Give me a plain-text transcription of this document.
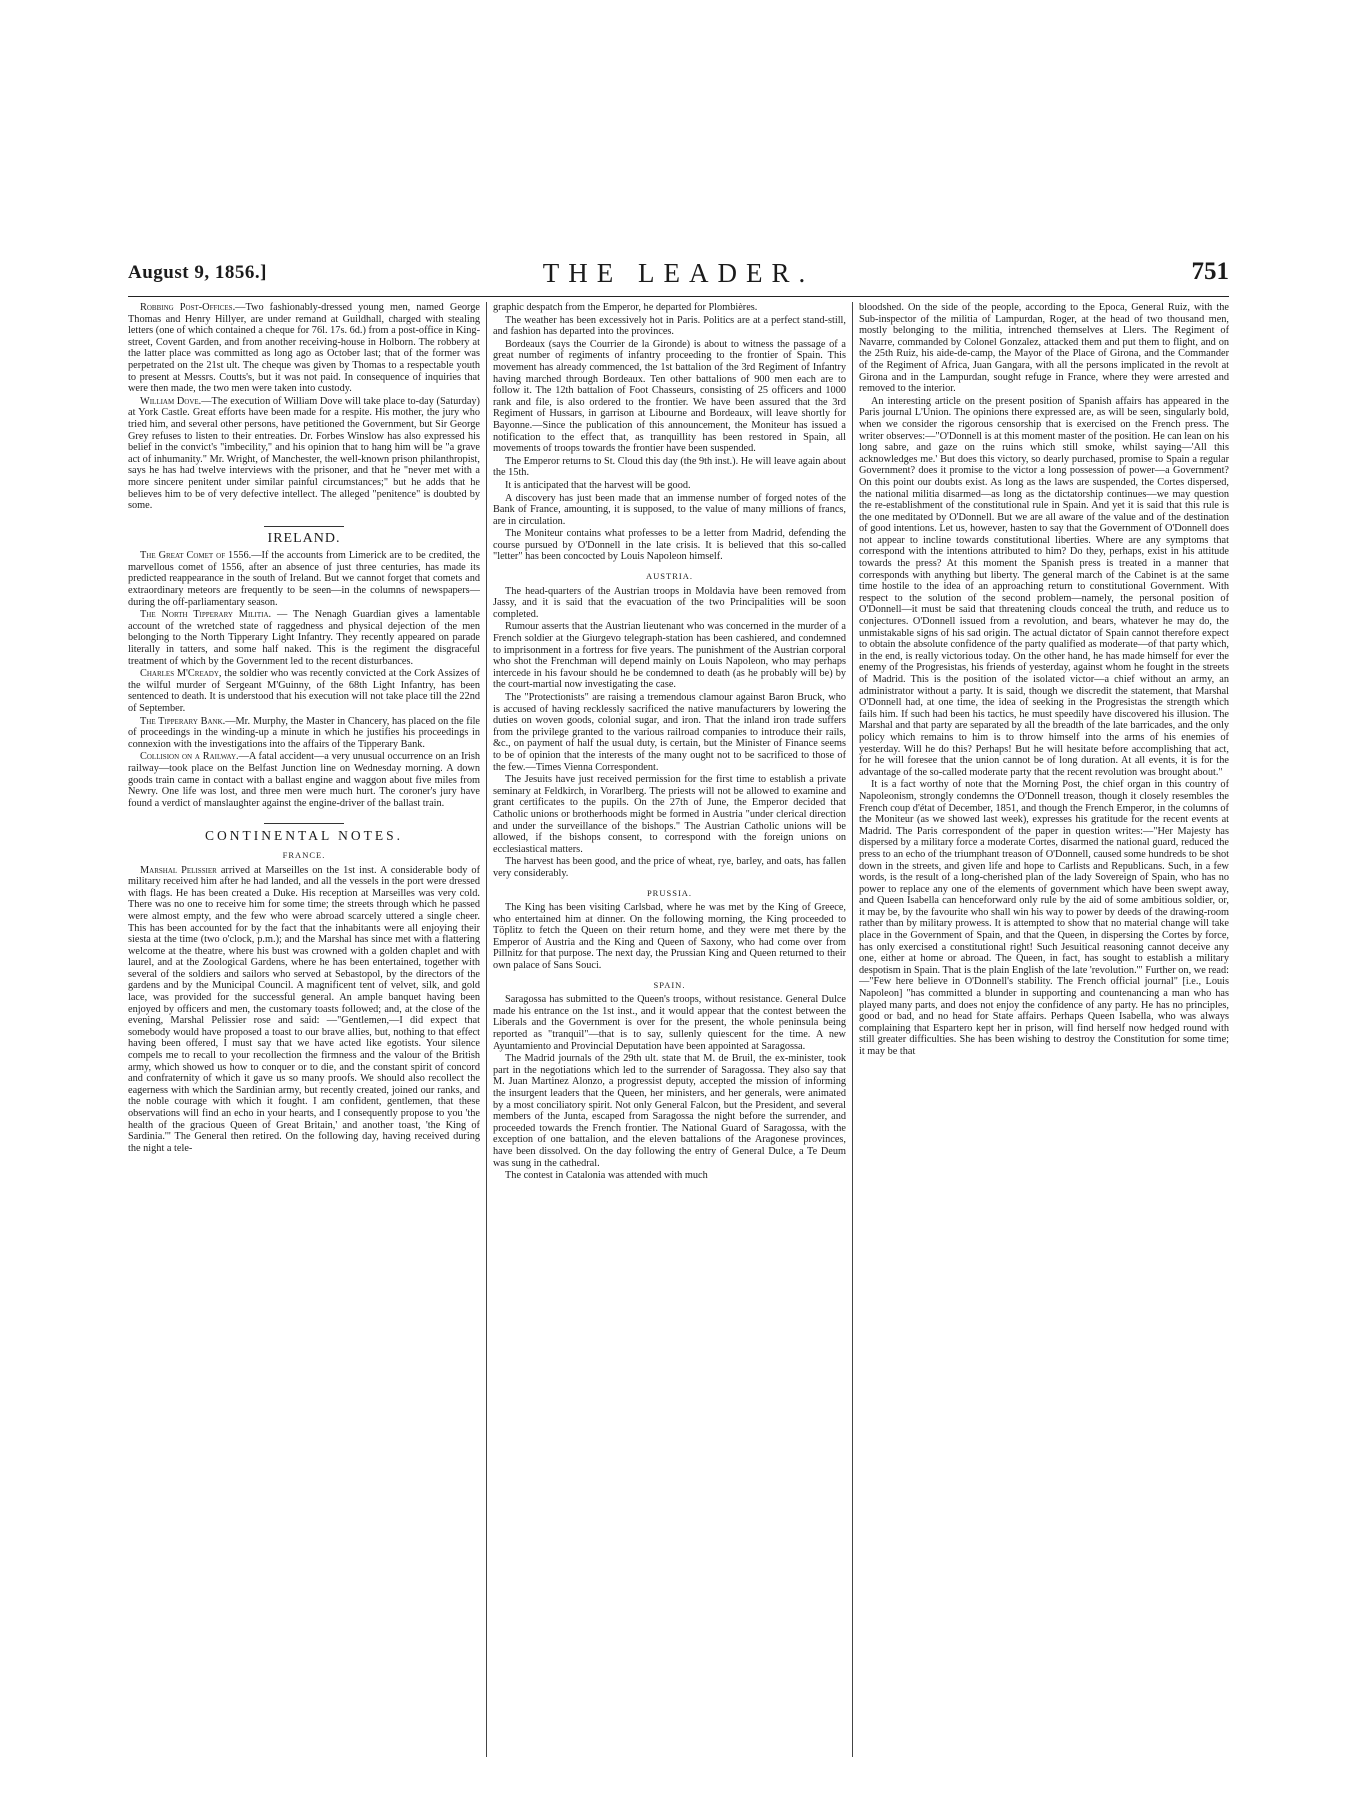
August 9, 1856.]	THE LEADER.	751

Robbing Post-Offices.—Two fashionably-dressed young men, named George Thomas and Henry Hillyer, are under remand at Guildhall, charged with stealing letters (one of which contained a cheque for 76l. 17s. 6d.) from a post-office in King-street, Covent Garden, and from another receiving-house in Holborn. The robbery at the latter place was committed as long ago as October last; that of the former was perpetrated on the 21st ult. The cheque was given by Thomas to a respectable youth to present at Messrs. Coutts's, but it was not paid. In consequence of inquiries that were then made, the two men were taken into custody.

William Dove.—The execution of William Dove will take place to-day (Saturday) at York Castle. Great efforts have been made for a respite. His mother, the jury who tried him, and several other persons, have petitioned the Government, but Sir George Grey refuses to listen to their entreaties. Dr. Forbes Winslow has also expressed his belief in the convict's "imbecility," and his opinion that to hang him will be "a grave act of inhumanity." Mr. Wright, of Manchester, the well-known prison philanthropist, says he has had twelve interviews with the prisoner, and that he "never met with a more sincere penitent under similar painful circumstances;" but he adds that he believes him to be of very defective intellect. The alleged "penitence" is doubted by some.

IRELAND.

The Great Comet of 1556.—If the accounts from Limerick are to be credited, the marvellous comet of 1556, after an absence of just three centuries, has made its predicted reappearance in the south of Ireland. But we cannot forget that comets and extraordinary meteors are frequently to be seen—in the columns of newspapers—during the off-parliamentary season.

The North Tipperary Militia. — The Nenagh Guardian gives a lamentable account of the wretched state of raggedness and physical dejection of the men belonging to the North Tipperary Light Infantry. They recently appeared on parade literally in tatters, and some half naked. This is the regiment the disgraceful treatment of which by the Government led to the recent disturbances.

Charles M'Cready, the soldier who was recently convicted at the Cork Assizes of the wilful murder of Sergeant M'Guinny, of the 68th Light Infantry, has been sentenced to death. It is understood that his execution will not take place till the 22nd of September.

The Tipperary Bank.—Mr. Murphy, the Master in Chancery, has placed on the file of proceedings in the winding-up a minute in which he justifies his proceedings in connexion with the investigations into the affairs of the Tipperary Bank.

Collision on a Railway.—A fatal accident—a very unusual occurrence on an Irish railway—took place on the Belfast Junction line on Wednesday morning. A down goods train came in contact with a ballast engine and waggon about five miles from Newry. One life was lost, and three men were much hurt. The coroner's jury have found a verdict of manslaughter against the engine-driver of the ballast train.

CONTINENTAL NOTES.
FRANCE.

Marshal Pelissier arrived at Marseilles on the 1st inst. A considerable body of military received him after he had landed, and all the vessels in the port were dressed with flags. He has been created a Duke. His reception at Marseilles was very cold. There was no one to receive him for some time; the streets through which he passed were almost empty, and the few who were abroad scarcely uttered a single cheer. This has been accounted for by the fact that the inhabitants were all enjoying their siesta at the time (two o'clock, p.m.); and the Marshal has since met with a flattering welcome at the theatre, where his bust was crowned with a golden chaplet and with laurel, and at the Zoological Gardens, where he has been entertained, together with several of the soldiers and sailors who served at Sebastopol, by the directors of the gardens and by the Municipal Council. A magnificent tent of velvet, silk, and gold lace, was provided for the successful general. An ample banquet having been enjoyed by officers and men, the customary toasts followed; and, at the close of the evening, Marshal Pelissier rose and said: —"Gentlemen,—I did expect that somebody would have proposed a toast to our brave allies, but, nothing to that effect having been offered, I must say that we have acted like egotists. Your silence compels me to recall to your recollection the firmness and the valour of the British army, which showed us how to conquer or to die, and the constant spirit of concord and confraternity of which it gave us so many proofs. We should also recollect the eagerness with which the Sardinian army, but recently created, joined our ranks, and the noble courage with which it fought. I am confident, gentlemen, that these observations will find an echo in your hearts, and I consequently propose to you 'the health of the gracious Queen of Great Britain,' and another toast, 'the King of Sardinia.'" The General then retired. On the following day, having received during the night a tele-

graphic despatch from the Emperor, he departed for Plombières.

The weather has been excessively hot in Paris. Politics are at a perfect stand-still, and fashion has departed into the provinces.

Bordeaux (says the Courrier de la Gironde) is about to witness the passage of a great number of regiments of infantry proceeding to the frontier of Spain. This movement has already commenced, the 1st battalion of the 3rd Regiment of Infantry having marched through Bordeaux. Ten other battalions of 900 men each are to follow it. The 12th battalion of Foot Chasseurs, consisting of 25 officers and 1000 rank and file, is also ordered to the frontier. We have been assured that the 3rd Regiment of Hussars, in garrison at Libourne and Bordeaux, will leave shortly for Bayonne.—Since the publication of this announcement, the Moniteur has issued a notification to the effect that, as tranquillity has been restored in Spain, all movements of troops towards the frontier have been suspended.

The Emperor returns to St. Cloud this day (the 9th inst.). He will leave again about the 15th.

It is anticipated that the harvest will be good.

A discovery has just been made that an immense number of forged notes of the Bank of France, amounting, it is supposed, to the value of many millions of francs, are in circulation.

The Moniteur contains what professes to be a letter from Madrid, defending the course pursued by O'Donnell in the late crisis. It is believed that this so-called "letter" has been concocted by Louis Napoleon himself.

AUSTRIA.

The head-quarters of the Austrian troops in Moldavia have been removed from Jassy, and it is said that the evacuation of the two Principalities will be soon completed.

Rumour asserts that the Austrian lieutenant who was concerned in the murder of a French soldier at the Giurgevo telegraph-station has been cashiered, and condemned to imprisonment in a fortress for five years. The punishment of the Austrian corporal who shot the Frenchman will depend mainly on Louis Napoleon, who may perhaps intercede in his favour should he be condemned to death (as he probably will be) by the court-martial now investigating the case.

The "Protectionists" are raising a tremendous clamour against Baron Bruck, who is accused of having recklessly sacrificed the native manufacturers by lowering the duties on woven goods, colonial sugar, and iron. That the inland iron trade suffers from the privilege granted to the various railroad companies to introduce their rails, &c., on payment of half the usual duty, is certain, but the Minister of Finance seems to be of opinion that the interests of the many ought not to be sacrificed to those of the few.—Times Vienna Correspondent.

The Jesuits have just received permission for the first time to establish a private seminary at Feldkirch, in Vorarlberg. The priests will not be allowed to examine and grant certificates to the pupils. On the 27th of June, the Emperor decided that Catholic unions or brotherhoods might be formed in Austria "under clerical direction and under the surveillance of the bishops." The Austrian Catholic unions will be allowed, if the bishops consent, to correspond with the foreign unions on ecclesiastical matters.

The harvest has been good, and the price of wheat, rye, barley, and oats, has fallen very considerably.

PRUSSIA.

The King has been visiting Carlsbad, where he was met by the King of Greece, who entertained him at dinner. On the following morning, the King proceeded to Töplitz to fetch the Queen on their return home, and they were met there by the Emperor of Austria and the King and Queen of Saxony, who had come over from Pillnitz for that purpose. The next day, the Prussian King and Queen returned to their own palace of Sans Souci.

SPAIN.

Saragossa has submitted to the Queen's troops, without resistance. General Dulce made his entrance on the 1st inst., and it would appear that the contest between the Liberals and the Government is over for the present, the whole peninsula being reported as "tranquil"—that is to say, sullenly quiescent for the time. A new Ayuntamiento and Provincial Deputation have been appointed at Saragossa.

The Madrid journals of the 29th ult. state that M. de Bruil, the ex-minister, took part in the negotiations which led to the surrender of Saragossa. They also say that M. Juan Martinez Alonzo, a progressist deputy, accepted the mission of informing the insurgent leaders that the Queen, her ministers, and her generals, were animated by a most conciliatory spirit. Not only General Falcon, but the President, and several members of the Junta, escaped from Saragossa the night before the surrender, and proceeded towards the French frontier. The National Guard of Saragossa, with the exception of one battalion, and the eleven battalions of the Aragonese provinces, have been dissolved. On the day following the entry of General Dulce, a Te Deum was sung in the cathedral.

The contest in Catalonia was attended with much

bloodshed. On the side of the people, according to the Epoca, General Ruiz, with the Sub-inspector of the militia of Lampurdan, Roger, at the head of two thousand men, mostly belonging to the militia, intrenched themselves at Llers. The Regiment of Navarre, commanded by Colonel Gonzalez, attacked them and put them to flight, and on the 25th Ruiz, his aide-de-camp, the Mayor of the Place of Girona, and the Commander of the Regiment of Africa, Juan Gangara, with all the persons implicated in the revolt at Girona and in the Lampurdan, sought refuge in France, where they were arrested and removed to the interior.

An interesting article on the present position of Spanish affairs has appeared in the Paris journal L'Union. The opinions there expressed are, as will be seen, singularly bold, when we consider the rigorous censorship that is exercised on the French press. The writer observes:—"O'Donnell is at this moment master of the position. He can lean on his long sabre, and gaze on the ruins which still smoke, whilst saying—'All this acknowledges me.' But does this victory, so dearly purchased, promise to Spain a regular Government? does it promise to the victor a long possession of power—a Government? On this point our doubts exist. As long as the laws are suspended, the Cortes dispersed, the national militia disarmed—as long as the dictatorship continues—we may question the re-establishment of the constitutional rule in Spain. And yet it is said that this rule is the one meditated by O'Donnell. But we are all aware of the value and of the destination of good intentions. Let us, however, hasten to say that the Government of O'Donnell does not appear to incline towards constitutional liberties. Where are any symptoms that correspond with the intentions attributed to him? Do they, perhaps, exist in his attitude towards the press? At this moment the Spanish press is treated in a manner that corresponds with anything but liberty. The general march of the Cabinet is at the same time hostile to the idea of an approaching return to constitutional Government. With respect to the solution of the second problem—namely, the personal position of O'Donnell—it must be said that threatening clouds conceal the truth, and reduce us to conjectures. O'Donnell issued from a revolution, and bears, whatever he may do, the unmistakable signs of his sad origin. The actual dictator of Spain cannot therefore expect to obtain the absolute confidence of the party qualified as moderate—of that party which, in the end, is really victorious today. On the other hand, he has made himself for ever the enemy of the Progresistas, his friends of yesterday, against whom he fought in the streets of Madrid. This is the position of the isolated victor—a chief without an army, an administrator without a party. It is said, though we discredit the statement, that Marshal O'Donnell had, at one time, the idea of seeking in the Progresistas the strength which fails him. If such had been his tactics, he must speedily have discovered his illusion. The Marshal and that party are separated by all the breadth of the late barricades, and the only policy which remains to him is to throw himself into the arms of his enemies of yesterday. Will he do this? Perhaps! But he will hesitate before accomplishing that act, for he will foresee that the union cannot be of long duration. At all events, it is for the advantage of the so-called moderate party that the recent revolution was brought about."

It is a fact worthy of note that the Morning Post, the chief organ in this country of Napoleonism, strongly condemns the O'Donnell treason, though it closely resembles the French coup d'état of December, 1851, and though the French Emperor, in the columns of the Moniteur (as we showed last week), expresses his gratitude for the recent events at Madrid. The Paris correspondent of the paper in question writes:—"Her Majesty has dispersed by a military force a moderate Cortes, disarmed the national guard, reduced the press to an echo of the triumphant treason of O'Donnell, caused some hundreds to be shot down in the streets, and given life and hope to Carlists and Republicans. Such, in a few words, is the result of a long-cherished plan of the lady Sovereign of Spain, who has no power to replace any one of the elements of government which have been swept away, and Queen Isabella can henceforward only rule by the aid of some ambitious soldier, or, it may be, by the favourite who shall win his way to power by deeds of the drawing-room rather than by military prowess. It is attempted to show that no material change will take place in the Government of Spain, and that the Queen, in dispersing the Cortes by force, has only exercised a constitutional right! Such Jesuitical reasoning cannot deceive any one, either at home or abroad. The Queen, in fact, has sought to establish a military despotism in Spain. That is the plain English of the late 'revolution.'" Further on, we read:—"Few here believe in O'Donnell's stability. The French official journal" [i.e., Louis Napoleon] "has committed a blunder in supporting and countenancing a man who has played many parts, and does not enjoy the confidence of any party. He has no principles, good or bad, and no head for State affairs. Perhaps Queen Isabella, who was always complaining that Espartero kept her in prison, will find herself now hedged round with still greater difficulties. She has been wishing to destroy the Constitution for some time; it may be that
